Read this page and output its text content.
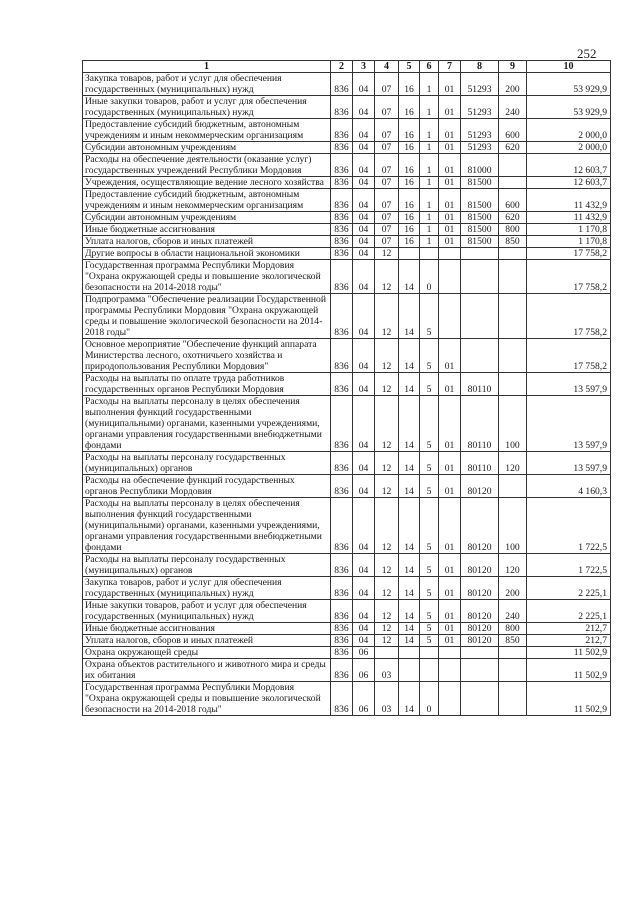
252
1	2	3	4	5	6	7	8	9	10
Закупка товаров, работ и услуг для обеспечения государственных (муниципальных) нужд	836	04	07	16	1	01	51293	200	53 929,9
Иные закупки товаров, работ и услуг для обеспечения государственных (муниципальных) нужд	836	04	07	16	1	01	51293	240	53 929,9
Предоставление субсидий бюджетным, автономным учреждениям и иным некоммерческим организациям	836	04	07	16	1	01	51293	600	2 000,0
Субсидии автономным учреждениям	836	04	07	16	1	01	51293	620	2 000,0
Расходы на обеспечение деятельности (оказание услуг) государственных учреждений Республики Мордовия	836	04	07	16	1	01	81000		12 603,7
Учреждения, осуществляющие ведение лесного хозяйства	836	04	07	16	1	01	81500		12 603,7
Предоставление субсидий бюджетным, автономным учреждениям и иным некоммерческим организациям	836	04	07	16	1	01	81500	600	11 432,9
Субсидии автономным учреждениям	836	04	07	16	1	01	81500	620	11 432,9
Иные бюджетные ассигнования	836	04	07	16	1	01	81500	800	1 170,8
Уплата налогов, сборов и иных платежей	836	04	07	16	1	01	81500	850	1 170,8
Другие вопросы в области национальной экономики	836	04	12						17 758,2
Государственная программа Республики Мордовия "Охрана окружающей среды и повышение экологической безопасности на 2014-2018 годы"	836	04	12	14	0				17 758,2
Подпрограмма "Обеспечение реализации Государственной программы Республики Мордовия "Охрана окружающей среды и повышение экологической безопасности на 2014-2018 годы"	836	04	12	14	5				17 758,2
Основное мероприятие "Обеспечение функций аппарата Министерства лесного, охотничьего хозяйства и природопользования Республики Мордовия"	836	04	12	14	5	01			17 758,2
Расходы на выплаты по оплате труда работников государственных органов Республики Мордовия	836	04	12	14	5	01	80110		13 597,9
Расходы на выплаты персоналу в целях обеспечения выполнения функций государственными (муниципальными) органами, казенными учреждениями, органами управления государственными внебюджетными фондами	836	04	12	14	5	01	80110	100	13 597,9
Расходы на выплаты персоналу государственных (муниципальных) органов	836	04	12	14	5	01	80110	120	13 597,9
Расходы на обеспечение функций государственных органов Республики Мордовия	836	04	12	14	5	01	80120		4 160,3
Расходы на выплаты персоналу в целях обеспечения выполнения функций государственными (муниципальными) органами, казенными учреждениями, органами управления государственными внебюджетными фондами	836	04	12	14	5	01	80120	100	1 722,5
Расходы на выплаты персоналу государственных (муниципальных) органов	836	04	12	14	5	01	80120	120	1 722,5
Закупка товаров, работ и услуг для обеспечения государственных (муниципальных) нужд	836	04	12	14	5	01	80120	200	2 225,1
Иные закупки товаров, работ и услуг для обеспечения государственных (муниципальных) нужд	836	04	12	14	5	01	80120	240	2 225,1
Иные бюджетные ассигнования	836	04	12	14	5	01	80120	800	212,7
Уплата налогов, сборов и иных платежей	836	04	12	14	5	01	80120	850	212,7
Охрана окружающей среды	836	06							11 502,9
Охрана объектов растительного и животного мира и среды их обитания	836	06	03						11 502,9
Государственная программа Республики Мордовия "Охрана окружающей среды и повышение экологической безопасности на 2014-2018 годы"	836	06	03	14	0				11 502,9
